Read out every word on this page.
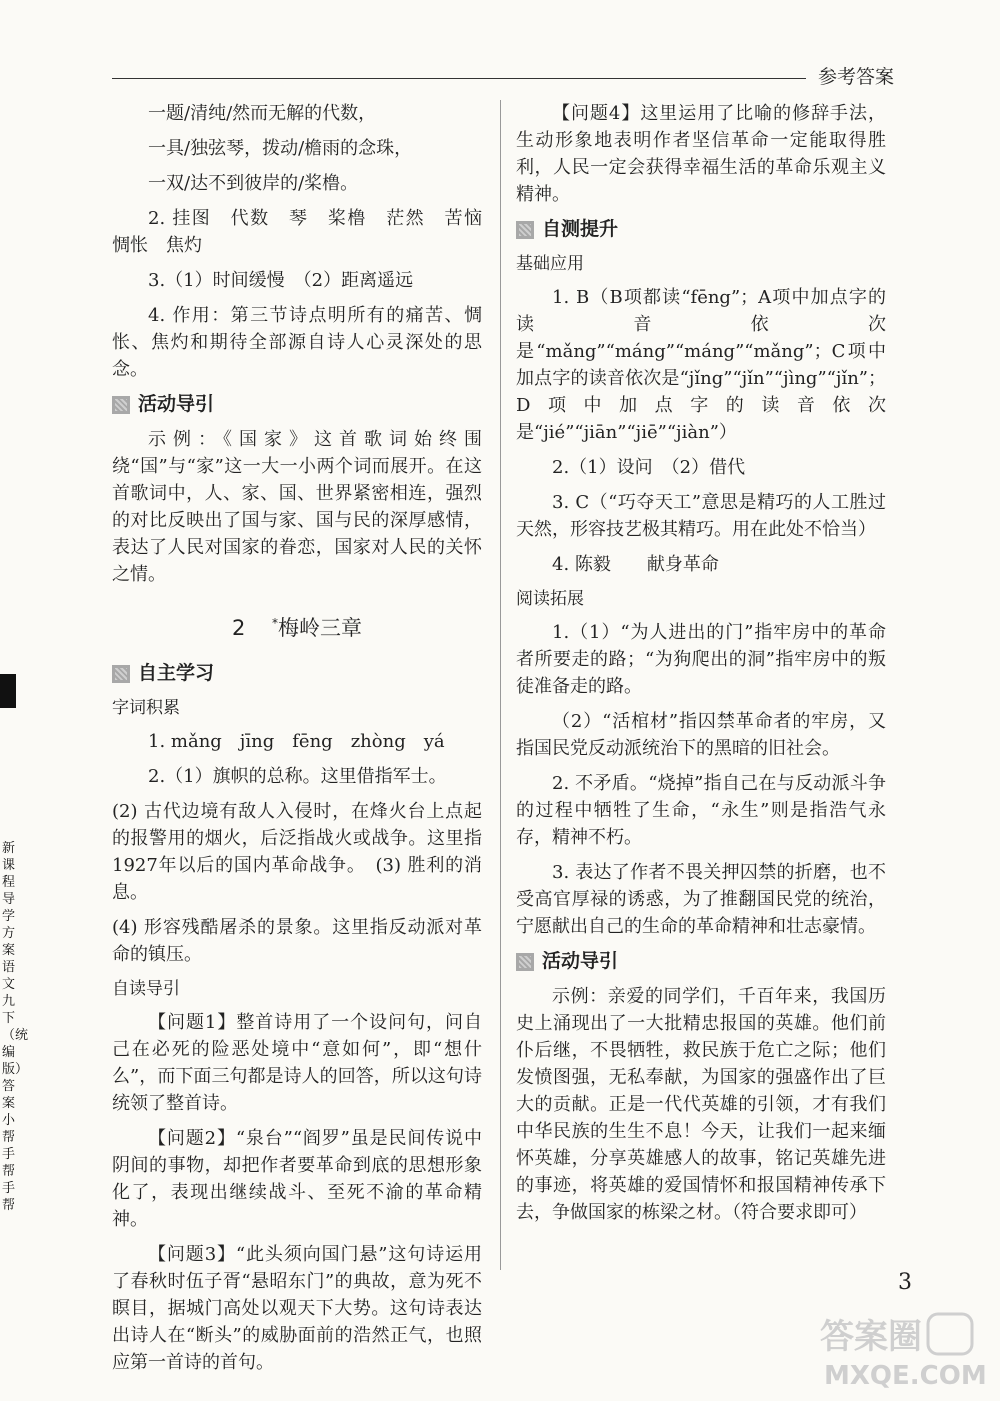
参考答案
新课程导学方案语文九下（统编版）答案小帮手帮手帮

一题/清纯/然而无解的代数，

一具/独弦琴，拨动/檐雨的念珠，

一双/达不到彼岸的/桨橹。

2. 挂图　代数　琴　桨橹　茫然　苦恼　惆怅　焦灼

3.（1）时间缓慢　（2）距离遥远

4. 作用：第三节诗点明所有的痛苦、惆怅、焦灼和期待全部源自诗人心灵深处的思念。

活动导引

示例：《国家》这首歌词始终围绕“国”与“家”这一大一小两个词而展开。在这首歌词中，人、家、国、世界紧密相连，强烈的对比反映出了国与家、国与民的深厚感情，表达了人民对国家的眷恋，国家对人民的关怀之情。

2 *梅岭三章
自主学习

字词积累

1. mǎng　jīng　fēng　zhòng　yá

2.（1）旗帜的总称。这里借指军士。

(2) 古代边境有敌人入侵时，在烽火台上点起的报警用的烟火，后泛指战火或战争。这里指1927年以后的国内革命战争。　(3) 胜利的消息。

(4) 形容残酷屠杀的景象。这里指反动派对革命的镇压。

自读导引

【问题1】整首诗用了一个设问句，问自己在必死的险恶处境中“意如何”，即“想什么”，而下面三句都是诗人的回答，所以这句诗统领了整首诗。

【问题2】“泉台”“阎罗”虽是民间传说中阴间的事物，却把作者要革命到底的思想形象化了，表现出继续战斗、至死不渝的革命精神。

【问题3】“此头须向国门悬”这句诗运用了春秋时伍子胥“悬昭东门”的典故，意为死不瞑目，据城门高处以观天下大势。这句诗表达出诗人在“断头”的威胁面前的浩然正气，也照应第一首诗的首句。

【问题4】这里运用了比喻的修辞手法，生动形象地表明作者坚信革命一定能取得胜利，人民一定会获得幸福生活的革命乐观主义精神。

自测提升

基础应用

1. B（B项都读“fēng”；A项中加点字的读音依次是“mǎng”“máng”“máng”“mǎng”；C项中加点字的读音依次是“jǐng”“jǐn”“jìng”“jǐn”；D项中加点字的读音依次是“jié”“jiān”“jiē”“jiàn”）

2.（1）设问　（2）借代

3. C（“巧夺天工”意思是精巧的人工胜过天然，形容技艺极其精巧。用在此处不恰当）

4. 陈毅　　献身革命

阅读拓展

1.（1）“为人进出的门”指牢房中的革命者所要走的路；“为狗爬出的洞”指牢房中的叛徒准备走的路。

（2）“活棺材”指囚禁革命者的牢房，又指国民党反动派统治下的黑暗的旧社会。

2. 不矛盾。“烧掉”指自己在与反动派斗争的过程中牺牲了生命，“永生”则是指浩气永存，精神不朽。

3. 表达了作者不畏关押囚禁的折磨，也不受高官厚禄的诱惑，为了推翻国民党的统治，宁愿献出自己的生命的革命精神和壮志豪情。

活动导引

示例：亲爱的同学们，千百年来，我国历史上涌现出了一大批精忠报国的英雄。他们前仆后继，不畏牺牲，救民族于危亡之际；他们发愤图强，无私奉献，为国家的强盛作出了巨大的贡献。正是一代代英雄的引领，才有我们中华民族的生生不息！今天，让我们一起来缅怀英雄，分享英雄感人的故事，铭记英雄先进的事迹，将英雄的爱国情怀和报国精神传承下去，争做国家的栋梁之材。（符合要求即可）

3
答案圈
MXQE.COM
